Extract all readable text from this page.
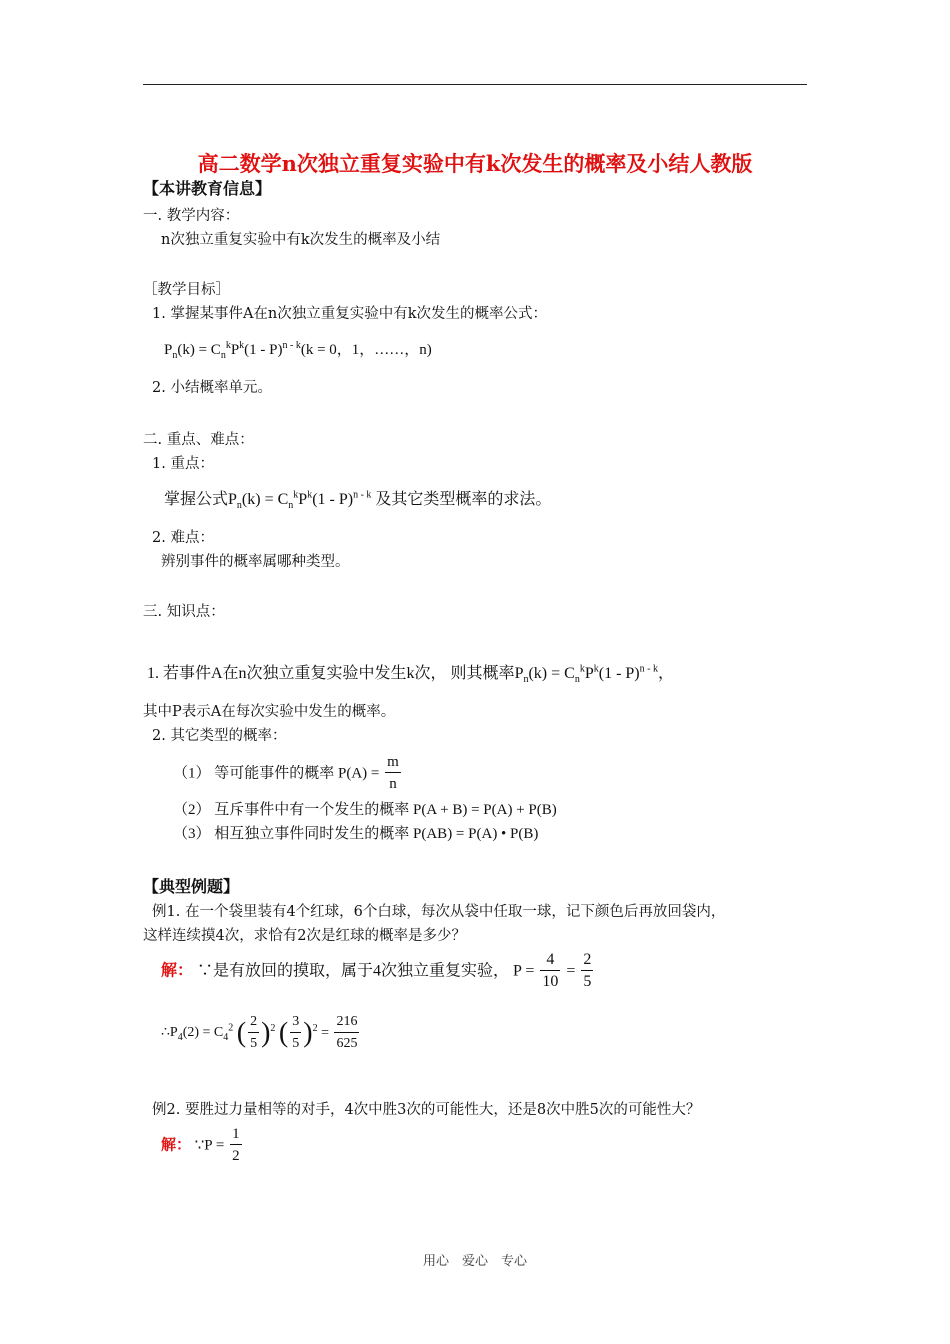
高二数学n次独立重复实验中有k次发生的概率及小结人教版
【本讲教育信息】
一. 教学内容：
n次独立重复实验中有k次发生的概率及小结
［教学目标］
1. 掌握某事件A在n次独立重复实验中有k次发生的概率公式：
$P_n(k) = C_n^kP^k(1 - P)^{n - k}(k = 0$，1，……，n)
2. 小结概率单元。
二. 重点、难点：
1. 重点：
掌握公式$P_n(k) = C_n^kP^k(1 - P)^{n - k}$ 及其它类型概率的求法。
2. 难点：
辨别事件的概率属哪种类型。
三. 知识点：
1. 若事件A在n次独立重复实验中发生k次， 则其概率$P_n(k) = C_n^kP^k(1 - P)^{n - k}$，
其中P表示A在每次实验中发生的概率。
2. 其它类型的概率：
（1） 等可能事件的概率 $P(A) = \frac{m}{n}$
（2） 互斥事件中有一个发生的概率 P(A + B) = P(A) + P(B)
（3） 相互独立事件同时发生的概率 P(AB) = P(A) • P(B)
【典型例题】
例1. 在一个袋里装有4个红球，6个白球，每次从袋中任取一球，记下颜色后再放回袋内，
这样连续摸4次，求恰有2次是红球的概率是多少？
解： ∵是有放回的摸取，属于4次独立重复实验， $P = \frac{4}{10} = \frac{2}{5}$
$\therefore P_4(2) = C_4^2$ ( $\frac{2}{5} )^2$ ( $\frac{3}{5} )^2 = \frac{216}{625}$
例2. 要胜过力量相等的对手，4次中胜3次的可能性大，还是8次中胜5次的可能性大？
解： ∵P = $\frac{1}{2}$
用心　爱心　专心
